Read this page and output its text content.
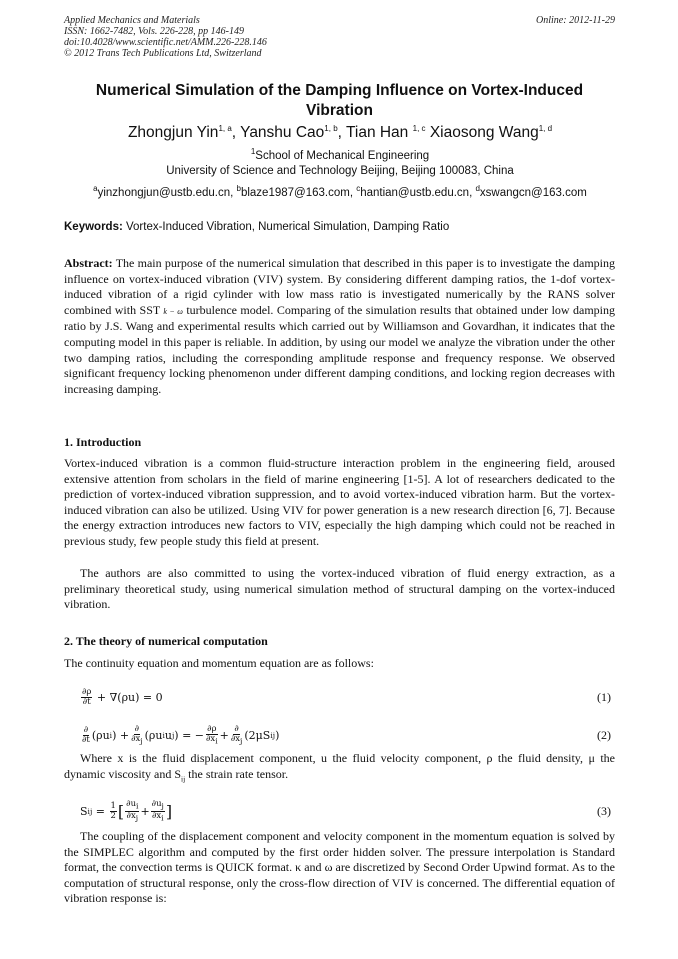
Applied Mechanics and Materials
ISSN: 1662-7482, Vols. 226-228, pp 146-149
doi:10.4028/www.scientific.net/AMM.226-228.146
© 2012 Trans Tech Publications Ltd, Switzerland
Online: 2012-11-29
Numerical Simulation of the Damping Influence on Vortex-Induced Vibration
Zhongjun Yin$^{1, a}$, Yanshu Cao$^{1, b}$, Tian Han $^{1, c}$ Xiaosong Wang$^{1, d}$
$^1$School of Mechanical Engineering
University of Science and Technology Beijing, Beijing 100083, China
$^a$yinzhongjun@ustb.edu.cn, $^b$blaze1987@163.com, $^c$hantian@ustb.edu.cn, $^d$xswangcn@163.com
Keywords: Vortex-Induced Vibration, Numerical Simulation, Damping Ratio
Abstract: The main purpose of the numerical simulation that described in this paper is to investigate the damping influence on vortex-induced vibration (VIV) system. By considering different damping ratios, the 1-dof vortex-induced vibration of a rigid cylinder with low mass ratio is investigated numerically by the RANS solver combined with SST k − ω turbulence model. Comparing of the simulation results that obtained under low damping ratio by J.S. Wang and experimental results which carried out by Williamson and Govardhan, it indicates that the computing model in this paper is reliable. In addition, by using our model we analyze the vibration under the other two damping ratios, including the corresponding amplitude response and frequency response. We observed significant frequency locking phenomenon under different damping conditions, and locking region decreases with increasing damping.
1. Introduction
Vortex-induced vibration is a common fluid-structure interaction problem in the engineering field, aroused extensive attention from scholars in the field of marine engineering [1-5]. A lot of researchers dedicated to the prediction of vortex-induced vibration suppression, and to avoid vortex-induced vibration harm. But the vortex-induced vibration can also be utilized. Using VIV for power generation is a new research direction [6, 7]. Because the energy extraction introduces new factors to VIV, especially the high damping which could not be reached in previous study, few people study this field at present.
The authors are also committed to using the vortex-induced vibration of fluid energy extraction, as a preliminary theoretical study, using numerical simulation method of structural damping on the vortex-induced vibration.
2. The theory of numerical computation
The continuity equation and momentum equation are as follows:
$\frac{\partial\rho}{\partial t} + \nabla(\rho u) = 0$	(1)
$\frac{\partial}{\partial t} (\rho u$ i ) + $\frac{\partial}{\partial xj} (\rho u$ i u j ) = − $\frac{\partial\rho}{\partial xi} + \frac{\partial}{\partial xj} (2\mu S$ ij )	(2)
Where x is the fluid displacement component, u the fluid velocity component, ρ the fluid density, μ the dynamic viscosity and $S_{ij}$ the strain rate tensor.
S ij = $\frac{1}{2}$ [ $\frac{\partial ui}{\partial xj} + \frac{\partial uj}{\partial xi}$ ]	(3)
The coupling of the displacement component and velocity component in the momentum equation is solved by the SIMPLEC algorithm and computed by the first order hidden solver. The pressure interpolation is Standard format, the convection terms is QUICK format. κ and ω are discretized by Second Order Upwind format. As to the computation of structural response, only the cross-flow direction of VIV is concerned. The differential equation of vibration response is:
